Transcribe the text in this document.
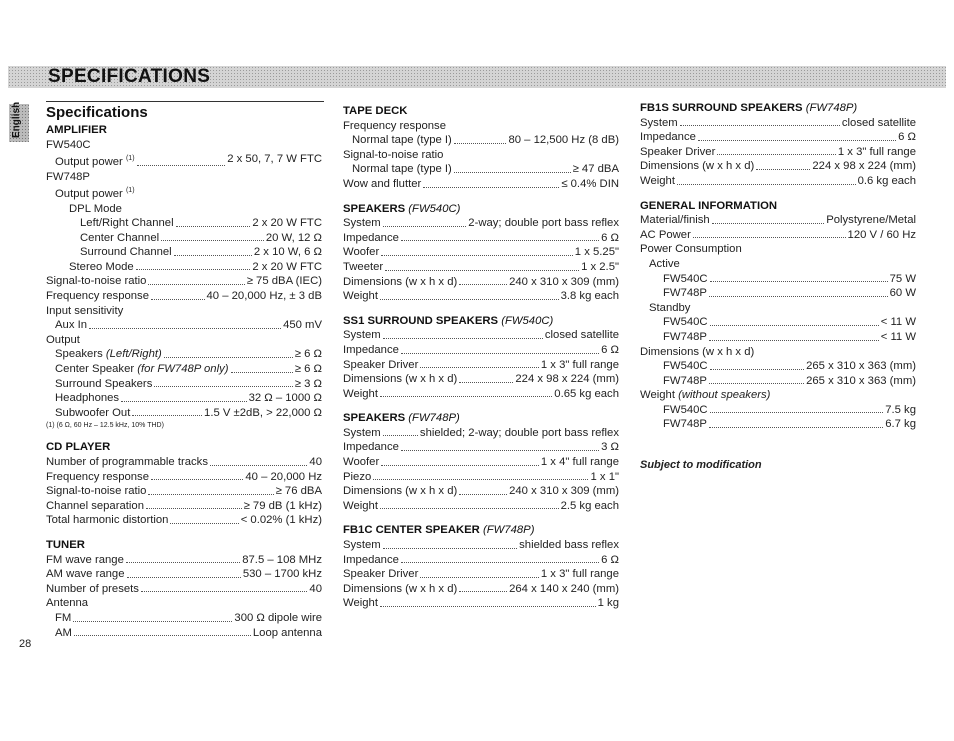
SPECIFICATIONS
English Specifications
AMPLIFIER
FW540C
Output power $^{(1)}$	2 x 50, 7, 7 W FTC
FW748P
Output power $^{(1)}$
DPL Mode
Left/Right Channel	2 x 20 W FTC
Center Channel	20 W, 12 Ω
Surround Channel	2 x 10 W, 6 Ω
Stereo Mode	2 x 20 W FTC
Signal-to-noise ratio	≥ 75 dBA (IEC)
Frequency response	40 – 20,000 Hz, ± 3 dB
Input sensitivity
Aux In	450 mV
Output
Speakers (Left/Right)	≥ 6 Ω
Center Speaker (for FW748P only)	≥ 6 Ω
Surround Speakers	≥ 3 Ω
Headphones	32 Ω – 1000 Ω
Subwoofer Out	1.5 V ±2dB, > 22,000 Ω
(1) (6 Ω, 60 Hz – 12.5 kHz, 10% THD)
CD PLAYER
Number of programmable tracks	40
Frequency response	40 – 20,000 Hz
Signal-to-noise ratio	≥ 76 dBA
Channel separation	≥ 79 dB (1 kHz)
Total harmonic distortion	< 0.02% (1 kHz)
TUNER
FM wave range	87.5 – 108 MHz
AM wave range	530 – 1700 kHz
Number of presets	40
Antenna
FM	300 Ω dipole wire
AM	Loop antenna
TAPE DECK
Frequency response
Normal tape (type I)	80 – 12,500 Hz (8 dB)
Signal-to-noise ratio
Normal tape (type I)	≥ 47 dBA
Wow and flutter	≤ 0.4% DIN
SPEAKERS (FW540C)
System	2-way; double port bass reflex
Impedance	6 Ω
Woofer	1 x 5.25"
Tweeter	1 x 2.5"
Dimensions (w x h x d)	240 x 310 x 309 (mm)
Weight	3.8 kg each
SS1 SURROUND SPEAKERS (FW540C)
System	closed satellite
Impedance	6 Ω
Speaker Driver	1 x 3" full range
Dimensions (w x h x d)	224 x 98 x 224 (mm)
Weight	0.65 kg each
SPEAKERS (FW748P)
System	shielded; 2-way; double port bass reflex
Impedance	3 Ω
Woofer	1 x 4" full range
Piezo	1 x 1"
Dimensions (w x h x d)	240 x 310 x 309 (mm)
Weight	2.5 kg each
FB1C CENTER SPEAKER (FW748P)
System	shielded bass reflex
Impedance	6 Ω
Speaker Driver	1 x 3" full range
Dimensions (w x h x d)	264 x 140 x 240 (mm)
Weight	1 kg
FB1S SURROUND SPEAKERS (FW748P)
System	closed satellite
Impedance	6 Ω
Speaker Driver	1 x 3" full range
Dimensions (w x h x d)	224 x 98 x 224 (mm)
Weight	0.6 kg each
GENERAL INFORMATION
Material/finish	Polystyrene/Metal
AC Power	120 V / 60 Hz
Power Consumption
Active
FW540C	75 W
FW748P	60 W
Standby
FW540C	< 11 W
FW748P	< 11 W
Dimensions (w x h x d)
FW540C	265 x 310 x 363 (mm)
FW748P	265 x 310 x 363 (mm)
Weight (without speakers)
FW540C	7.5 kg
FW748P	6.7 kg
Subject to modification
28
